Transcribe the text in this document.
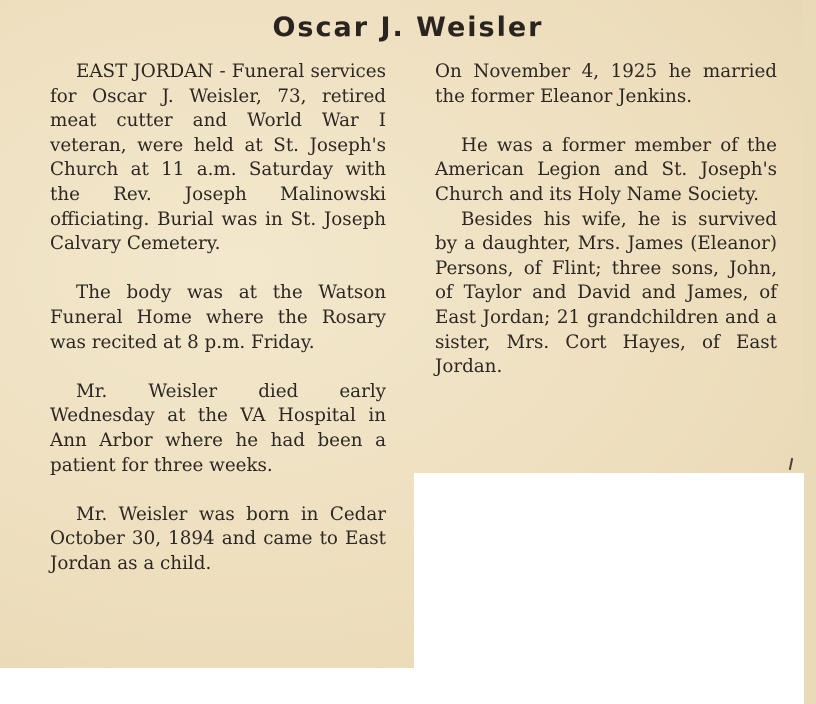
Oscar J. Weisler

EAST JORDAN - Funeral services for Oscar J. Weisler, 73, retired meat cutter and World War I veteran, were held at St. Joseph's Church at 11 a.m. Saturday with the Rev. Joseph Malinowski officiating. Burial was in St. Joseph Calvary Cemetery.

The body was at the Watson Funeral Home where the Rosary was recited at 8 p.m. Friday.

Mr. Weisler died early Wednesday at the VA Hospital in Ann Arbor where he had been a patient for three weeks.

Mr. Weisler was born in Cedar October 30, 1894 and came to East Jordan as a child.

On November 4, 1925 he married the former Eleanor Jenkins.

He was a former member of the American Legion and St. Joseph's Church and its Holy Name Society.

Besides his wife, he is survived by a daughter, Mrs. James (Eleanor) Persons, of Flint; three sons, John, of Taylor and David and James, of East Jordan; 21 grandchildren and a sister, Mrs. Cort Hayes, of East Jordan.
